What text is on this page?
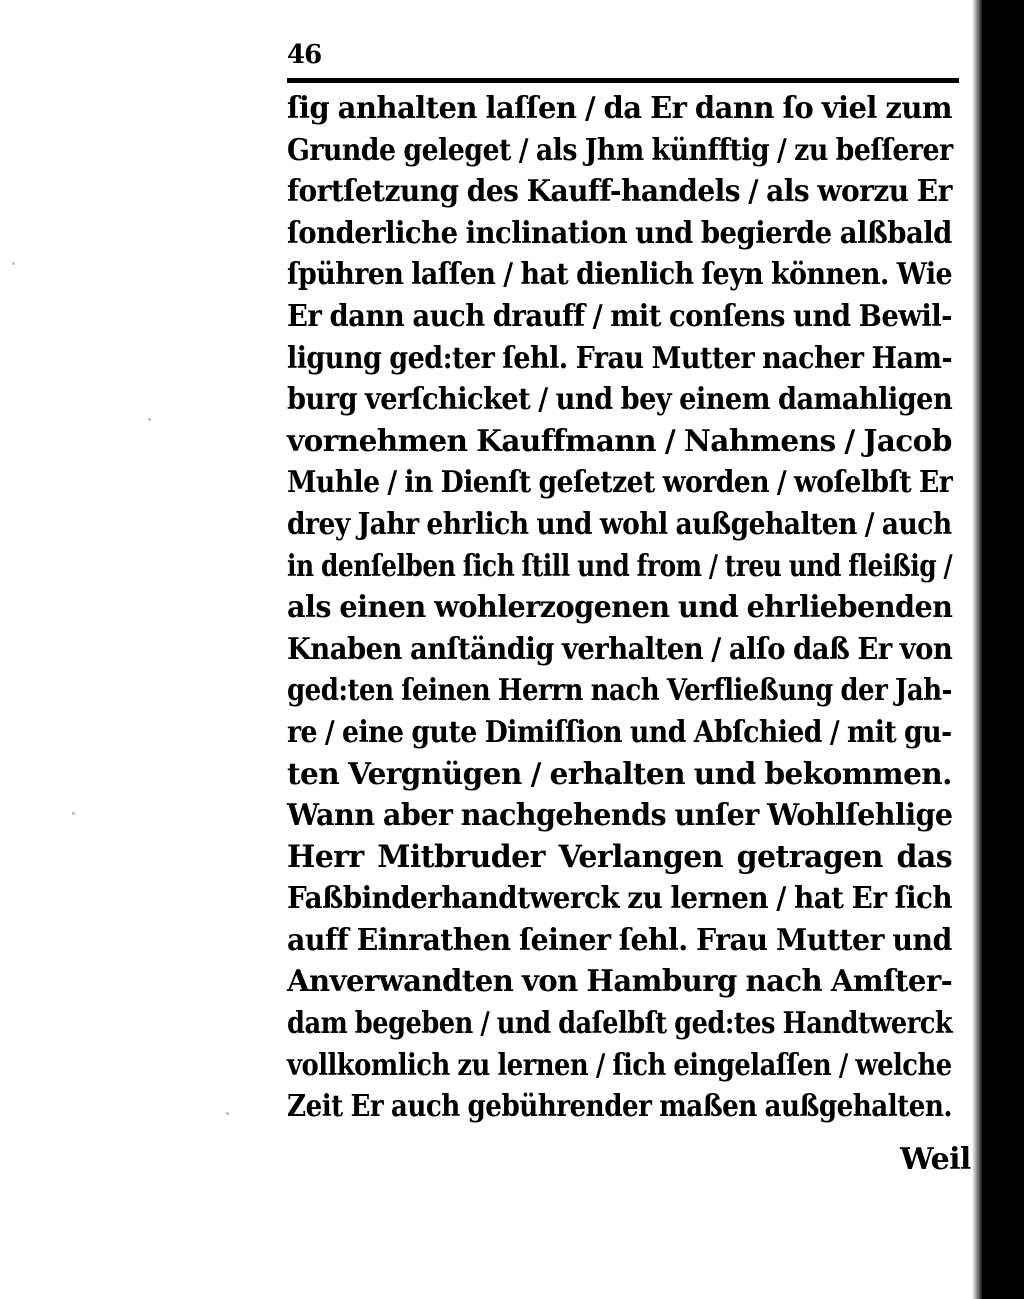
46
ſig anhalten laſſen / da Er dann ſo viel zum
Grunde geleget / als Jhm künfftig / zu beſſerer
fortſetzung des Kauff-handels / als worzu Er
ſonderliche inclination und begierde alßbald
ſpühren laſſen / hat dienlich ſeyn können. Wie
Er dann auch drauff / mit conſens und Bewil-
ligung ged:ter ſehl. Frau Mutter nacher Ham-
burg verſchicket / und bey einem damahligen
vornehmen Kauffmann / Nahmens / Jacob
Muhle / in Dienſt geſetzet worden / woſelbſt Er
drey Jahr ehrlich und wohl außgehalten / auch
in denſelben ſich ſtill und from / treu und fleißig /
als einen wohlerzogenen und ehrliebenden
Knaben anſtändig verhalten / alſo daß Er von
ged:ten ſeinen Herrn nach Verfließung der Jah-
re / eine gute Dimiſſion und Abſchied / mit gu-
ten Vergnügen / erhalten und bekommen.
Wann aber nachgehends unſer Wohlſehlige
Herr Mitbruder Verlangen getragen das
Faßbinderhandtwerck zu lernen / hat Er ſich
auff Einrathen ſeiner ſehl. Frau Mutter und
Anverwandten von Hamburg nach Amſter-
dam begeben / und daſelbſt ged:tes Handtwerck
vollkomlich zu lernen / ſich eingelaſſen / welche
Zeit Er auch gebührender maßen außgehalten.
Weil
